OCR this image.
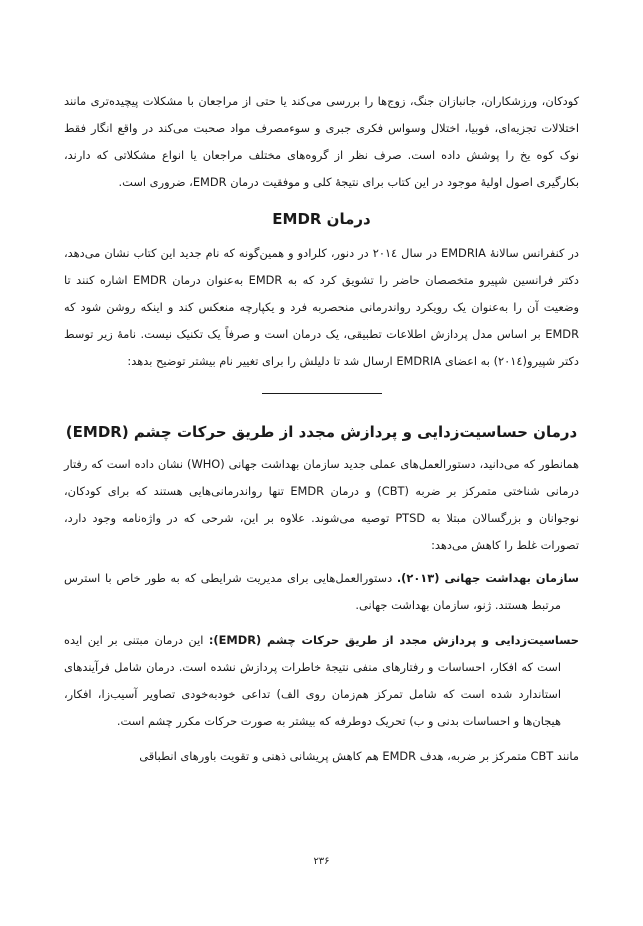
کودکان، ورزشکاران، جانبازان جنگ، زوج‌ها را بررسی می‌کند یا حتی از مراجعان با مشکلات پیچیده‌تری مانند اختلالات تجزیه‌ای، فوبیا، اختلال وسواس فکری جبری و سوء‌مصرف مواد صحبت می‌کند در واقع انگار فقط نوک کوه یخ را پوشش داده است. صرف نظر از گروه‌های مختلف مراجعان یا انواع مشکلاتی که دارند، بکارگیری اصول اولیهٔ موجود در این کتاب برای نتیجهٔ کلی و موفقیت درمان EMDR، ضروری است.

درمان EMDR

در کنفرانس سالانهٔ EMDRIA در سال ۲۰۱٤ در دنور، کلرادو و همین‌گونه که نام جدید این کتاب نشان می‌دهد، دکتر فرانسین شپیرو متخصصان حاضر را تشویق کرد که به EMDR به‌عنوان درمان EMDR اشاره کنند تا وضعیت آن را به‌عنوان یک رویکرد رواندرمانی منحصربه فرد و یکپارچه منعکس کند و اینکه روشن شود که EMDR بر اساس مدل پردازش اطلاعات تطبیقی، یک درمان است و صرفاً یک تکنیک نیست. نامهٔ زیر توسط دکتر شپیرو(۲۰۱٤) به اعضای EMDRIA ارسال شد تا دلیلش را برای تغییر نام بیشتر توضیح بدهد:

درمان حساسیت‌زدایی و پردازش مجدد از طریق حرکات چشم (EMDR)

همانطور که می‌دانید، دستورالعمل‌های عملی جدید سازمان بهداشت جهانی (WHO) نشان داده است که رفتار درمانی شناختی متمرکز بر ضربه (CBT) و درمان EMDR تنها رواندرمانی‌هایی هستند که برای کودکان، نوجوانان و بزرگسالان مبتلا به PTSD توصیه می‌شوند. علاوه بر این، شرحی که در واژه‌نامه وجود دارد، تصورات غلط را کاهش می‌دهد:

سازمان بهداشت جهانی (۲۰۱۳). دستورالعمل‌هایی برای مدیریت شرایطی که به طور خاص با استرس مرتبط هستند. ژنو، سازمان بهداشت جهانی.

حساسیت‌زدایی و پردازش مجدد از طریق حرکات چشم (EMDR): این درمان مبتنی بر این ایده است که افکار، احساسات و رفتارهای منفی نتیجهٔ خاطرات پردازش نشده است. درمان شامل فرآیندهای استاندارد شده است که شامل تمرکز هم‌زمان روی الف) تداعی خودبه‌خودی تصاویر آسیب‌زا، افکار، هیجان‌ها و احساسات بدنی و ب) تحریک دوطرفه که بیشتر به صورت حرکات مکرر چشم است.

مانند CBT متمرکز بر ضربه، هدف EMDR هم کاهش پریشانی ذهنی و تقویت باورهای انطباقی

۲۳۶
